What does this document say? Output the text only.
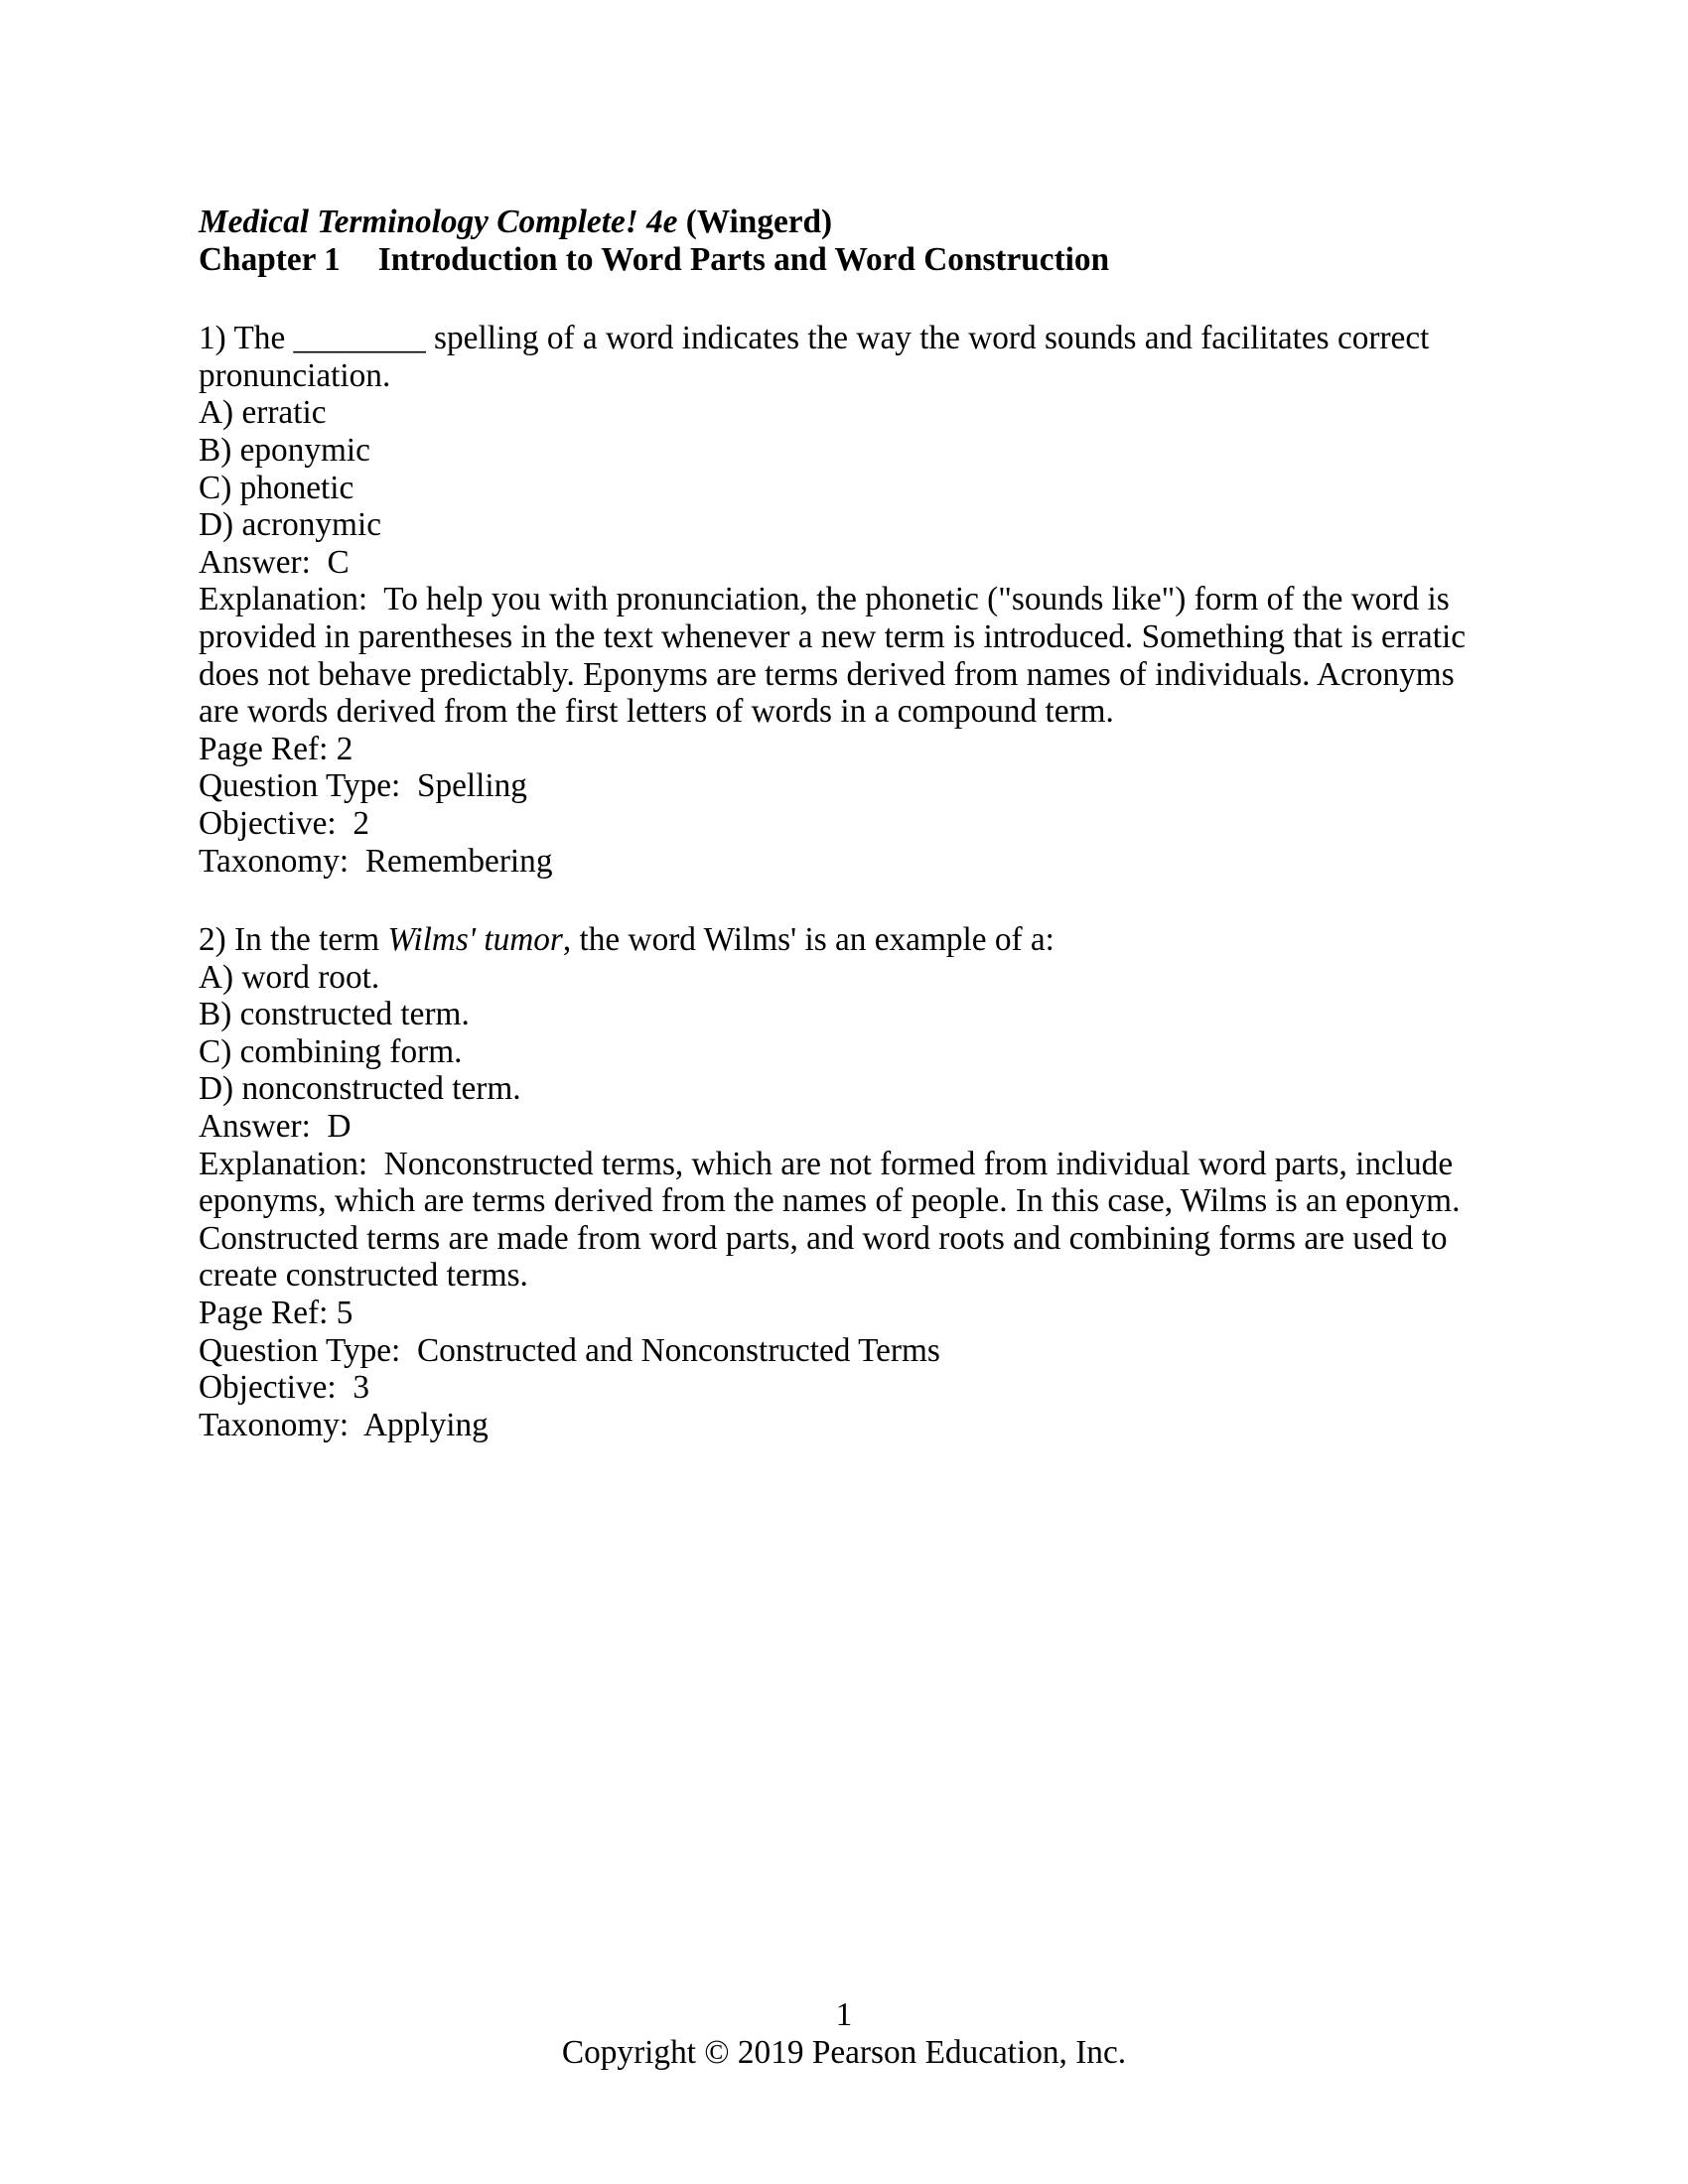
Medical Terminology Complete! 4e (Wingerd)

Chapter 1 Introduction to Word Parts and Word Construction

1) The ________ spelling of a word indicates the way the word sounds and facilitates correct pronunciation.

A) erratic

B) eponymic

C) phonetic

D) acronymic

Answer:  C

Explanation:  To help you with pronunciation, the phonetic ("sounds like") form of the word is provided in parentheses in the text whenever a new term is introduced. Something that is erratic does not behave predictably. Eponyms are terms derived from names of individuals. Acronyms are words derived from the first letters of words in a compound term.

Page Ref: 2

Question Type:  Spelling

Objective:  2

Taxonomy:  Remembering

2) In the term Wilms' tumor, the word Wilms' is an example of a:

A) word root.

B) constructed term.

C) combining form.

D) nonconstructed term.

Answer:  D

Explanation:  Nonconstructed terms, which are not formed from individual word parts, include eponyms, which are terms derived from the names of people. In this case, Wilms is an eponym. Constructed terms are made from word parts, and word roots and combining forms are used to create constructed terms.

Page Ref: 5

Question Type:  Constructed and Nonconstructed Terms

Objective:  3

Taxonomy:  Applying

1

Copyright © 2019 Pearson Education, Inc.
